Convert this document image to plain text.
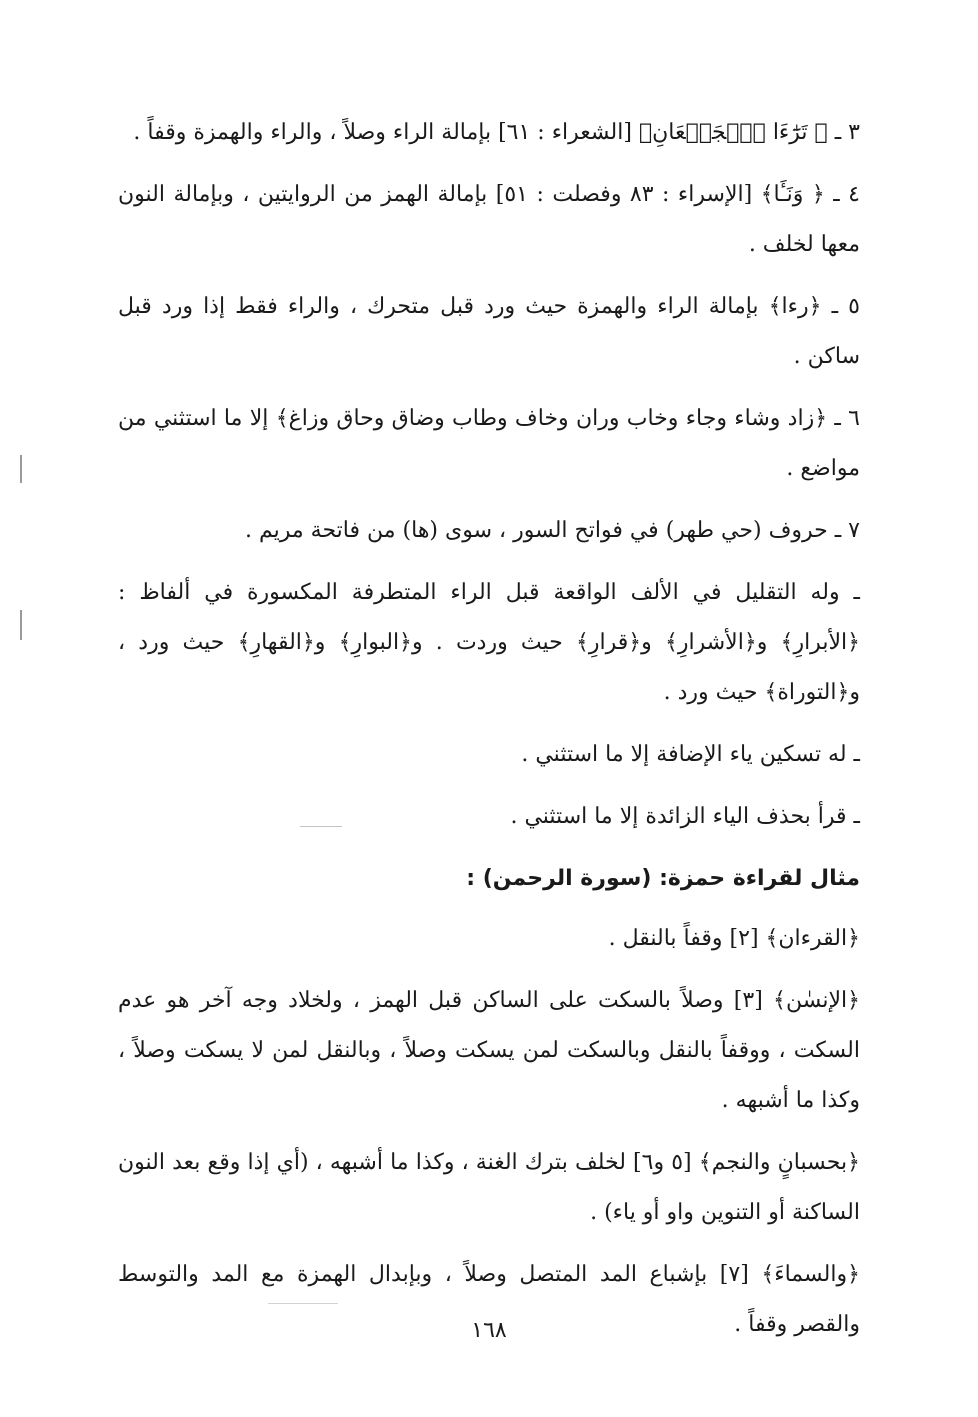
٣ ـ ﴿ تَرَٰٓءَا ٱلۡجَمۡعَانِ﴾ [الشعراء : ٦١] بإمالة الراء وصلاً ، والراء والهمزة وقفاً .

٤ ـ ﴿ وَنَـَٔا﴾ [الإسراء : ٨٣ وفصلت : ٥١] بإمالة الهمز من الروايتين ، وبإمالة النون معها لخلف .

٥ ـ ﴿رءا﴾ بإمالة الراء والهمزة حيث ورد قبل متحرك ، والراء فقط إذا ورد قبل ساكن .

٦ ـ ﴿زاد وشاء وجاء وخاب وران وخاف وطاب وضاق وحاق وزاغ﴾ إلا ما استثني من مواضع .

٧ ـ حروف (حي طهر) في فواتح السور ، سوى (ها) من فاتحة مريم .

ـ وله التقليل في الألف الواقعة قبل الراء المتطرفة المكسورة في ألفاظ : ﴿الأبرارِ﴾ و﴿الأشرارِ﴾ و﴿قرارِ﴾ حيث وردت . و﴿البوارِ﴾ و﴿القهارِ﴾ حيث ورد ، و﴿التوراة﴾ حيث ورد .

ـ له تسكين ياء الإضافة إلا ما استثني .

ـ قرأ بحذف الياء الزائدة إلا ما استثني .

مثال لقراءة حمزة: (سورة الرحمن) :

﴿القرءان﴾ [٢] وقفاً بالنقل .

﴿الإنسٰن﴾ [٣] وصلاً بالسكت على الساكن قبل الهمز ، ولخلاد وجه آخر هو عدم السكت ، ووقفاً بالنقل وبالسكت لمن يسكت وصلاً ، وبالنقل لمن لا يسكت وصلاً ، وكذا ما أشبهه .

﴿بحسبانٍ والنجم﴾ [٥ و٦] لخلف بترك الغنة ، وكذا ما أشبهه ، (أي إذا وقع بعد النون الساكنة أو التنوين واو أو ياء) .

﴿والسماءَ﴾ [٧] بإشباع المد المتصل وصلاً ، وبإبدال الهمزة مع المد والتوسط والقصر وقفاً .

١٦٨
